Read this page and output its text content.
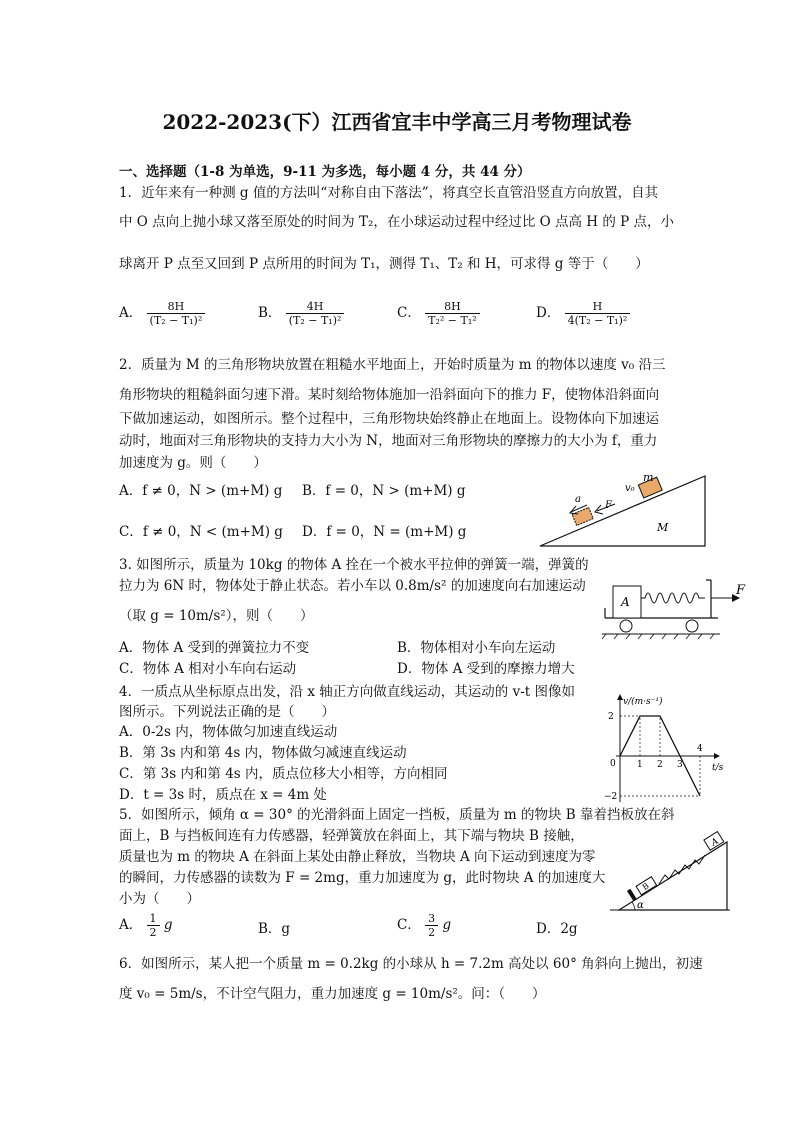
2022-2023(下）江西省宜丰中学高三月考物理试卷
一、选择题（1-8 为单选，9-11 为多选，每小题 4 分，共 44 分）
1．近年来有一种测 g 值的方法叫“对称自由下落法”，将真空长直管沿竖直方向放置，自其
中 O 点向上抛小球又落至原处的时间为 T₂，在小球运动过程中经过比 O 点高 H 的 P 点，小
球离开 P 点至又回到 P 点所用的时间为 T₁，测得 T₁、T₂ 和 H，可求得 g 等于（　　）
A． $\frac{8H}{\text{(T₂ − T₁)²}}$	B． $\frac{4H}{\text{(T₂ − T₁)²}}$	C． $\frac{8H}{\text{T₂² − T₁²}}$	D． $\frac{H}{\text{4(T₂ − T₁)²}}$
2．质量为 M 的三角形物块放置在粗糙水平地面上，开始时质量为 m 的物体以速度 v₀ 沿三
角形物块的粗糙斜面匀速下滑。某时刻给物体施加一沿斜面向下的推力 F，使物体沿斜面向
下做加速运动，如图所示。整个过程中，三角形物块始终静止在地面上。设物体向下加速运
动时，地面对三角形物块的支持力大小为 N，地面对三角形物块的摩擦力的大小为 f，重力
加速度为 g。则（　　）
A．f ≠ 0，N > (m+M) g B．f = 0，N > (m+M) g
C．f ≠ 0，N < (m+M) g D．f = 0，N = (m+M) g
m
v₀
a
F
M
3. 如图所示，质量为 10kg 的物体 A 拴在一个被水平拉伸的弹簧一端，弹簧的
拉力为 6N 时，物体处于静止状态。若小车以 0.8m/s² 的加速度向右加速运动
（取 g = 10m/s²），则（　　）
A．物体 A 受到的弹簧拉力不变	B．物体相对小车向左运动
C．物体 A 相对小车向右运动	D．物体 A 受到的摩擦力增大
A
F
4．一质点从坐标原点出发，沿 x 轴正方向做直线运动，其运动的 v-t 图像如
图所示。下列说法正确的是（　　）
A．0-2s 内，物体做匀加速直线运动
B．第 3s 内和第 4s 内，物体做匀减速直线运动
C．第 3s 内和第 4s 内，质点位移大小相等，方向相同
D．t = 3s 时，质点在 x = 4m 处
0 1 2 3
4
2
−2
v/(m·s⁻¹)
t/s
5．如图所示，倾角 α = 30° 的光滑斜面上固定一挡板，质量为 m 的物块 B 靠着挡板放在斜
面上，B 与挡板间连有力传感器，轻弹簧放在斜面上，其下端与物块 B 接触，
质量也为 m 的物块 A 在斜面上某处由静止释放，当物块 A 向下运动到速度为零
的瞬间，力传感器的读数为 F = 2mg，重力加速度为 g，此时物块 A 的加速度大
小为（　　）
A． $\frac{1}{2}$ g	B．g	C． $\frac{3}{2}$ g	D．2g
α
B
A
6．如图所示，某人把一个质量 m = 0.2kg 的小球从 h = 7.2m 高处以 60° 角斜向上抛出，初速
度 v₀ = 5m/s，不计空气阻力，重力加速度 g = 10m/s²。问：（　　）
